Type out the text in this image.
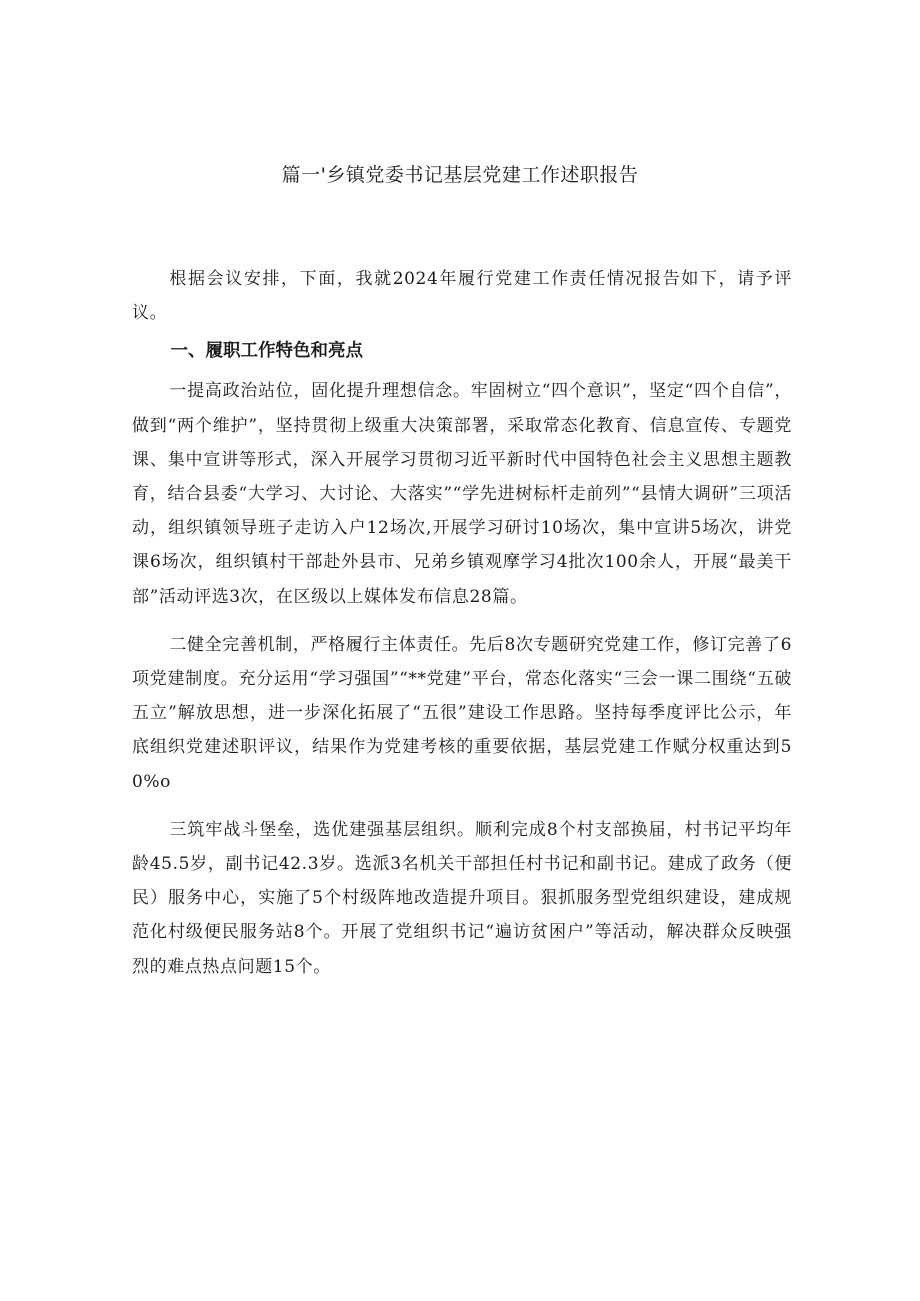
篇一'乡镇党委书记基层党建工作述职报告

根据会议安排，下面，我就2024年履行党建工作责任情况报告如下，请予评议。

一、履职工作特色和亮点

一提高政治站位，固化提升理想信念。牢固树立“四个意识”，坚定“四个自信”，做到“两个维护”，坚持贯彻上级重大决策部署，采取常态化教育、信息宣传、专题党课、集中宣讲等形式，深入开展学习贯彻习近平新时代中国特色社会主义思想主题教育，结合县委“大学习、大讨论、大落实”“学先进树标杆走前列”“县情大调研”三项活动，组织镇领导班子走访入户12场次,开展学习研讨10场次，集中宣讲5场次，讲党课6场次，组织镇村干部赴外县市、兄弟乡镇观摩学习4批次100余人，开展“最美干部”活动评选3次，在区级以上媒体发布信息28篇。

二健全完善机制，严格履行主体责任。先后8次专题研究党建工作，修订完善了6项党建制度。充分运用“学习强国”“**党建”平台，常态化落实“三会一课二围绕“五破五立”解放思想，进一步深化拓展了“五很”建设工作思路。坚持每季度评比公示，年底组织党建述职评议，结果作为党建考核的重要依据，基层党建工作赋分权重达到50%o

三筑牢战斗堡垒，选优建强基层组织。顺利完成8个村支部换届，村书记平均年龄45.5岁，副书记42.3岁。选派3名机关干部担任村书记和副书记。建成了政务（便民）服务中心，实施了5个村级阵地改造提升项目。狠抓服务型党组织建设，建成规范化村级便民服务站8个。开展了党组织书记“遍访贫困户”等活动，解决群众反映强烈的难点热点问题15个。
